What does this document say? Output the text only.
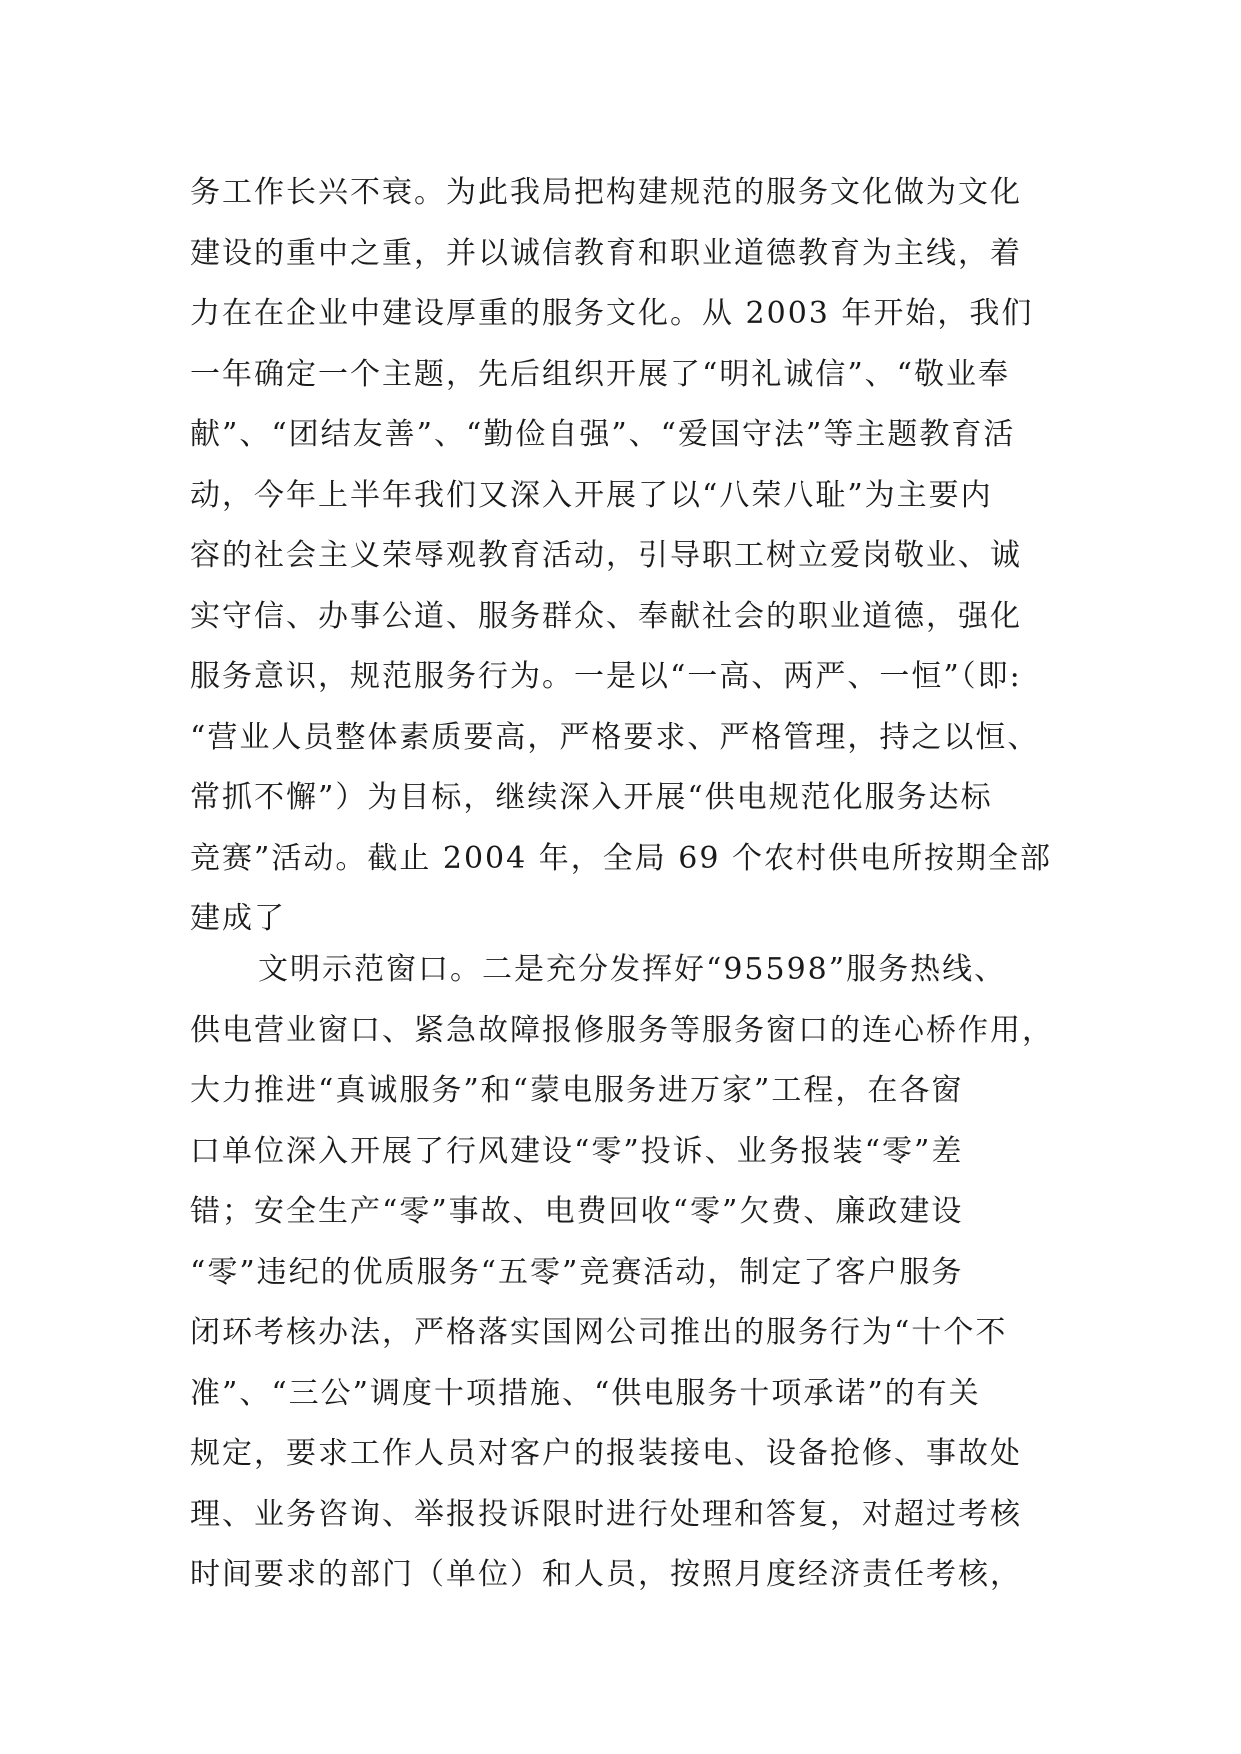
务工作长兴不衰。为此我局把构建规范的服务文化做为文化
建设的重中之重，并以诚信教育和职业道德教育为主线，着
力在在企业中建设厚重的服务文化。从 2003 年开始，我们
一年确定一个主题，先后组织开展了“明礼诚信”、“敬业奉
献”、“团结友善”、“勤俭自强”、“爱国守法”等主题教育活
动，今年上半年我们又深入开展了以“八荣八耻”为主要内
容的社会主义荣辱观教育活动，引导职工树立爱岗敬业、诚
实守信、办事公道、服务群众、奉献社会的职业道德，强化
服务意识，规范服务行为。一是以“一高、两严、一恒”（即:
“营业人员整体素质要高，严格要求、严格管理，持之以恒、
常抓不懈”）为目标，继续深入开展“供电规范化服务达标
竞赛”活动。截止 2004 年，全局 69 个农村供电所按期全部
建成了
文明示范窗口。二是充分发挥好“95598”服务热线、
供电营业窗口、紧急故障报修服务等服务窗口的连心桥作用，
大力推进“真诚服务”和“蒙电服务进万家”工程，在各窗
口单位深入开展了行风建设“零”投诉、业务报装“零”差
错；安全生产“零”事故、电费回收“零”欠费、廉政建设
“零”违纪的优质服务“五零”竞赛活动，制定了客户服务
闭环考核办法，严格落实国网公司推出的服务行为“十个不
准”、“三公”调度十项措施、“供电服务十项承诺”的有关
规定，要求工作人员对客户的报装接电、设备抢修、事故处
理、业务咨询、举报投诉限时进行处理和答复，对超过考核
时间要求的部门（单位）和人员，按照月度经济责任考核，
